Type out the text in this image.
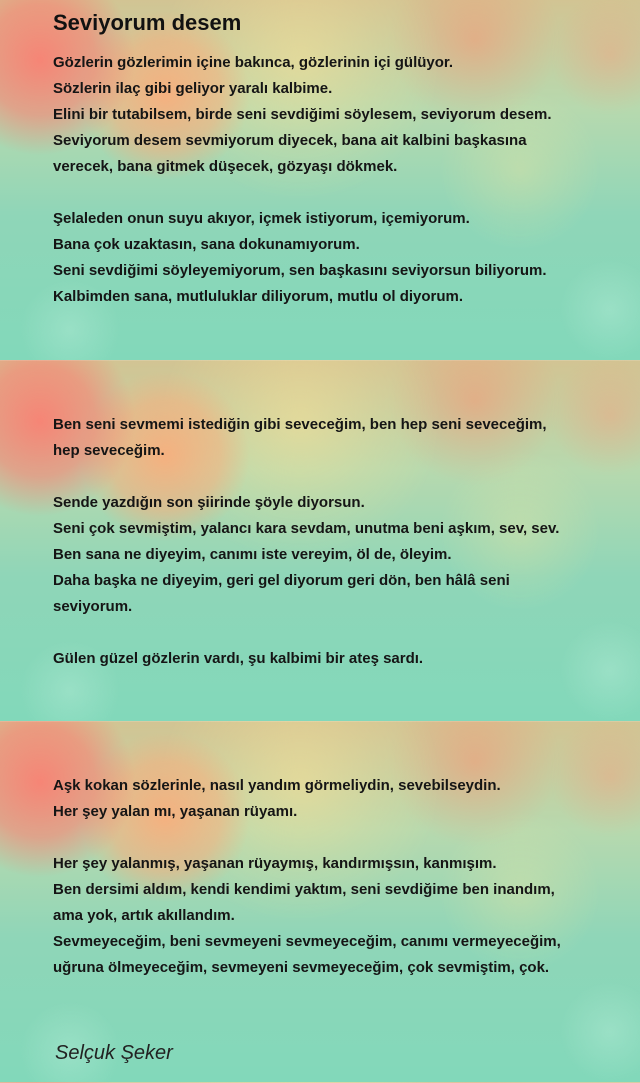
Seviyorum desem
Gözlerin gözlerimin içine bakınca, gözlerinin içi gülüyor.
Sözlerin ilaç gibi geliyor yaralı kalbime.
Elini bir tutabilsem, birde seni sevdiğimi söylesem, seviyorum desem.
Seviyorum desem sevmiyorum diyecek, bana ait kalbini başkasına
verecek, bana gitmek düşecek, gözyaşı dökmek.
Şelaleden onun suyu akıyor, içmek istiyorum, içemiyorum.
Bana çok uzaktasın, sana dokunamıyorum.
Seni sevdiğimi söyleyemiyorum, sen başkasını seviyorsun biliyorum.
Kalbimden sana, mutluluklar diliyorum, mutlu ol diyorum.
Ben seni sevmemi istediğin gibi seveceğim, ben hep seni seveceğim,
hep seveceğim.
Sende yazdığın son şiirinde şöyle diyorsun.
Seni çok sevmiştim, yalancı kara sevdam, unutma beni aşkım, sev, sev.
Ben sana ne diyeyim, canımı iste vereyim, öl de, öleyim.
Daha başka ne diyeyim, geri gel diyorum geri dön, ben hâlâ seni
seviyorum.
Gülen güzel gözlerin vardı, şu kalbimi bir ateş sardı.
Aşk kokan sözlerinle, nasıl yandım görmeliydin, sevebilseydin.
Her şey yalan mı, yaşanan rüyamı.
Her şey yalanmış, yaşanan rüyaymış, kandırmışsın, kanmışım.
Ben dersimi aldım, kendi kendimi yaktım, seni sevdiğime ben inandım,
ama yok, artık akıllandım.
Sevmeyeceğim, beni sevmeyeni sevmeyeceğim, canımı vermeyeceğim,
uğruna ölmeyeceğim, sevmeyeni sevmeyeceğim, çok sevmiştim, çok.
Selçuk Şeker
